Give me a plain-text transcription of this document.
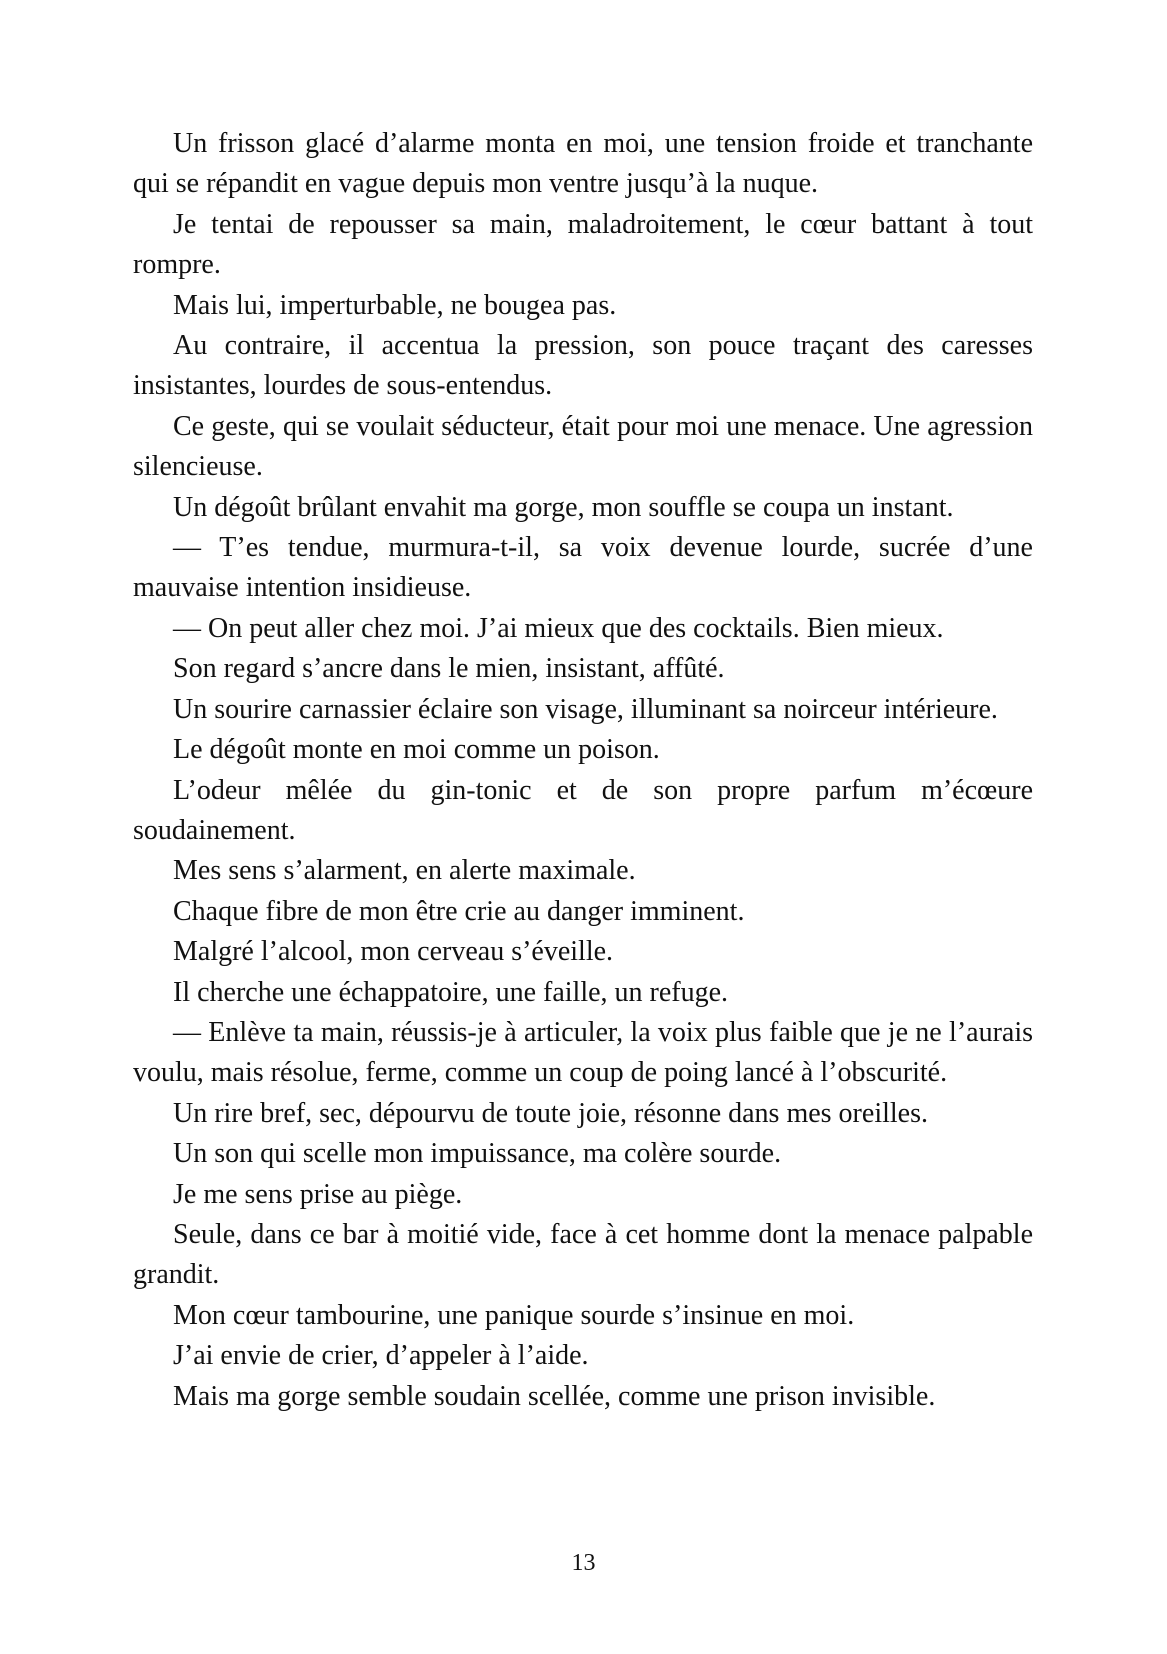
Un frisson glacé d’alarme monta en moi, une tension froide et tranchante qui se répandit en vague depuis mon ventre jusqu’à la nuque.

Je tentai de repousser sa main, maladroitement, le cœur battant à tout rompre.

Mais lui, imperturbable, ne bougea pas.

Au contraire, il accentua la pression, son pouce traçant des caresses insistantes, lourdes de sous-entendus.

Ce geste, qui se voulait séducteur, était pour moi une menace. Une agression silencieuse.

Un dégoût brûlant envahit ma gorge, mon souffle se coupa un instant.

— T’es tendue, murmura-t-il, sa voix devenue lourde, sucrée d’une mauvaise intention insidieuse.

— On peut aller chez moi. J’ai mieux que des cocktails. Bien mieux.

Son regard s’ancre dans le mien, insistant, affûté.

Un sourire carnassier éclaire son visage, illuminant sa noirceur intérieure.

Le dégoût monte en moi comme un poison.

L’odeur mêlée du gin-tonic et de son propre parfum m’écœure soudainement.

Mes sens s’alarment, en alerte maximale.

Chaque fibre de mon être crie au danger imminent.

Malgré l’alcool, mon cerveau s’éveille.

Il cherche une échappatoire, une faille, un refuge.

— Enlève ta main, réussis-je à articuler, la voix plus faible que je ne l’aurais voulu, mais résolue, ferme, comme un coup de poing lancé à l’obscurité.

Un rire bref, sec, dépourvu de toute joie, résonne dans mes oreilles.

Un son qui scelle mon impuissance, ma colère sourde.

Je me sens prise au piège.

Seule, dans ce bar à moitié vide, face à cet homme dont la menace palpable grandit.

Mon cœur tambourine, une panique sourde s’insinue en moi.

J’ai envie de crier, d’appeler à l’aide.

Mais ma gorge semble soudain scellée, comme une prison invisible.

13
